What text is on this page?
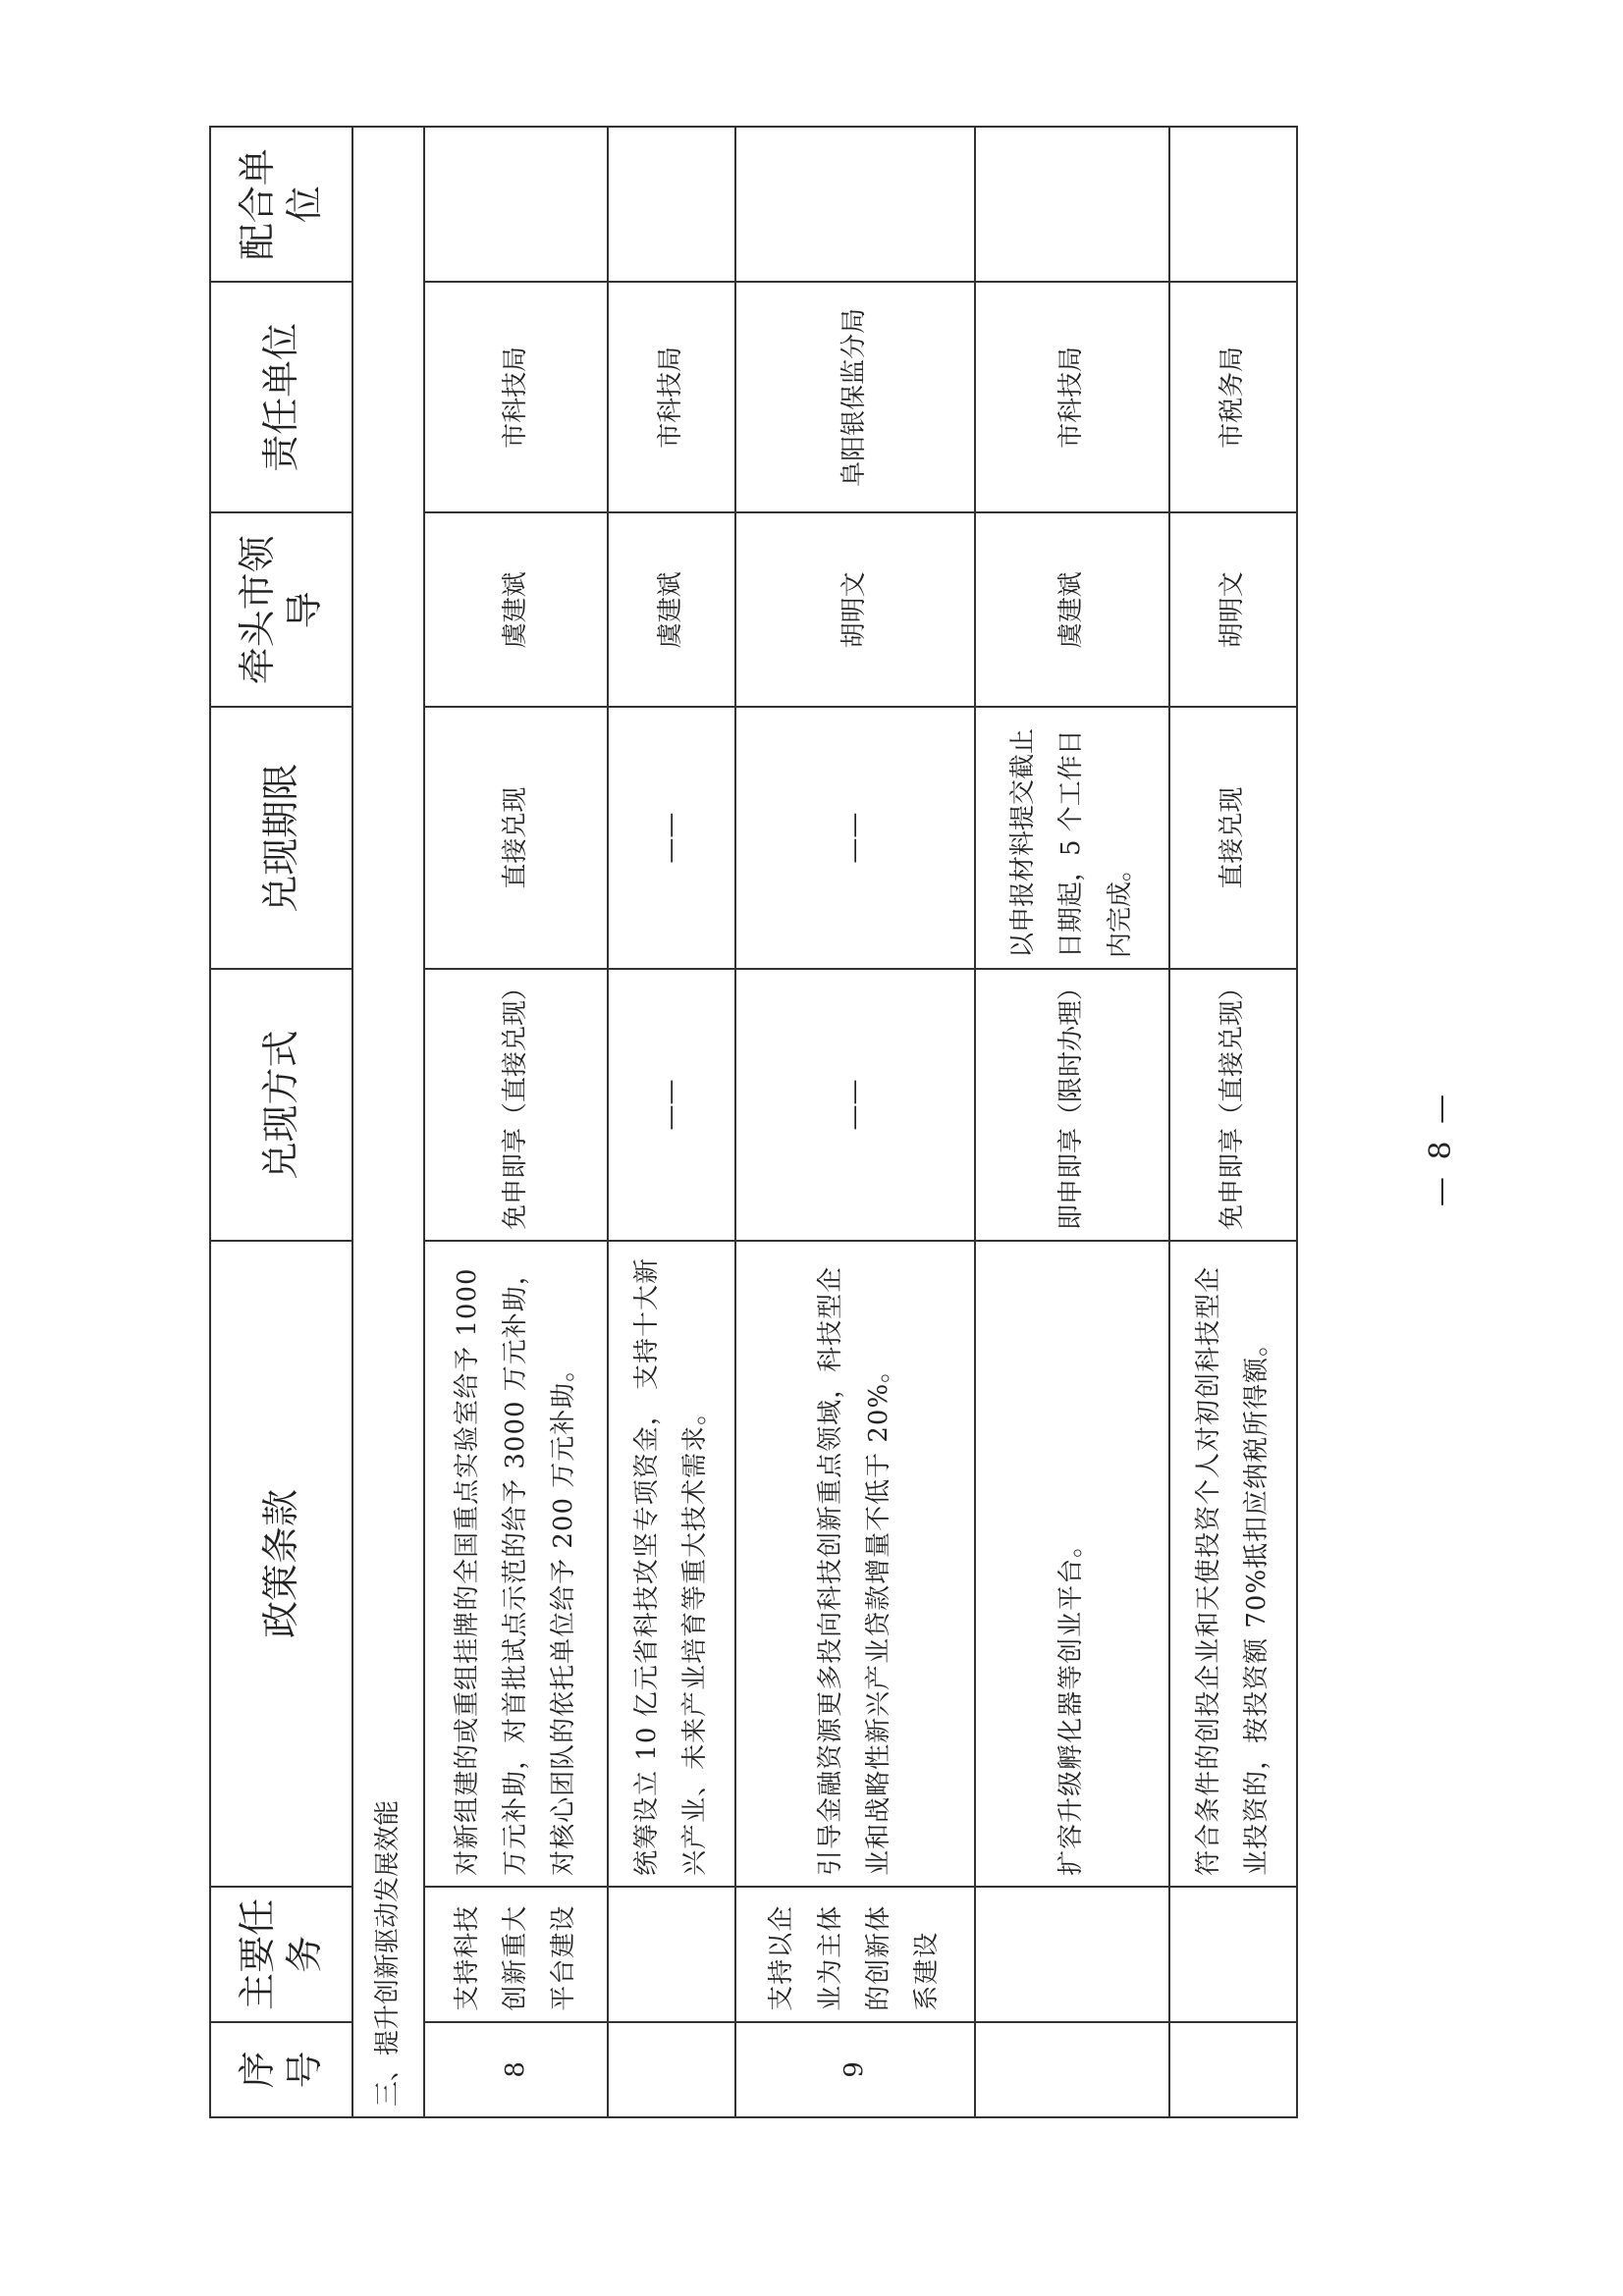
序号	主要任务	政策条款	兑现方式	兑现期限	牵头市领导	责任单位	配合单位
三、提升创新驱动发展效能							
8	支持科技创新重大平台建设	对新组建的或重组挂牌的全国重点实验室给予 1000 万元补助，对首批试点示范的给予 3000 万元补助，对核心团队的依托单位给予 200 万元补助。	免申即享（直接兑现）	直接兑现	虞建斌	市科技局	
		统筹设立 10 亿元省科技攻坚专项资金， 支持十大新兴产业、未来产业培育等重大技术需求。	——	——	虞建斌	市科技局	
9	支持以企业为主体的创新体系建设	引导金融资源更多投向科技创新重点领域，科技型企业和战略性新兴产业贷款增量不低于 20%。	——	——	胡明文	阜阳银保监分局	
		扩容升级孵化器等创业平台。	即申即享（限时办理）	以申报材料提交截止日期起，5 个工作日内完成。	虞建斌	市科技局	
		符合条件的创投企业和天使投资个人对初创科技型企业投资的，按投资额 70%抵扣应纳税所得额。	免申即享（直接兑现）	直接兑现	胡明文	市税务局	
— 8 —
